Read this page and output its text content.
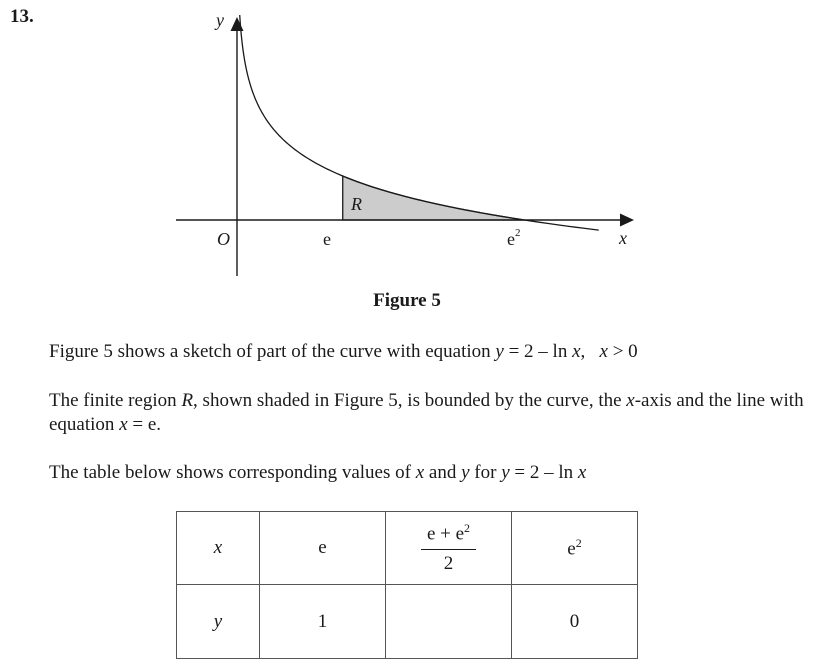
13.	y
x
O	e	$e^2$
R
Figure 5

Figure 5 shows a sketch of part of the curve with equation y = 2 – ln x,   x > 0

The finite region R, shown shaded in Figure 5, is bounded by the curve, the x-axis and the line with equation x = e.

The table below shows corresponding values of x and y for y = 2 – ln x

x	e	$\frac{e + e^2}{2}$	$e^2$
y	1		0
